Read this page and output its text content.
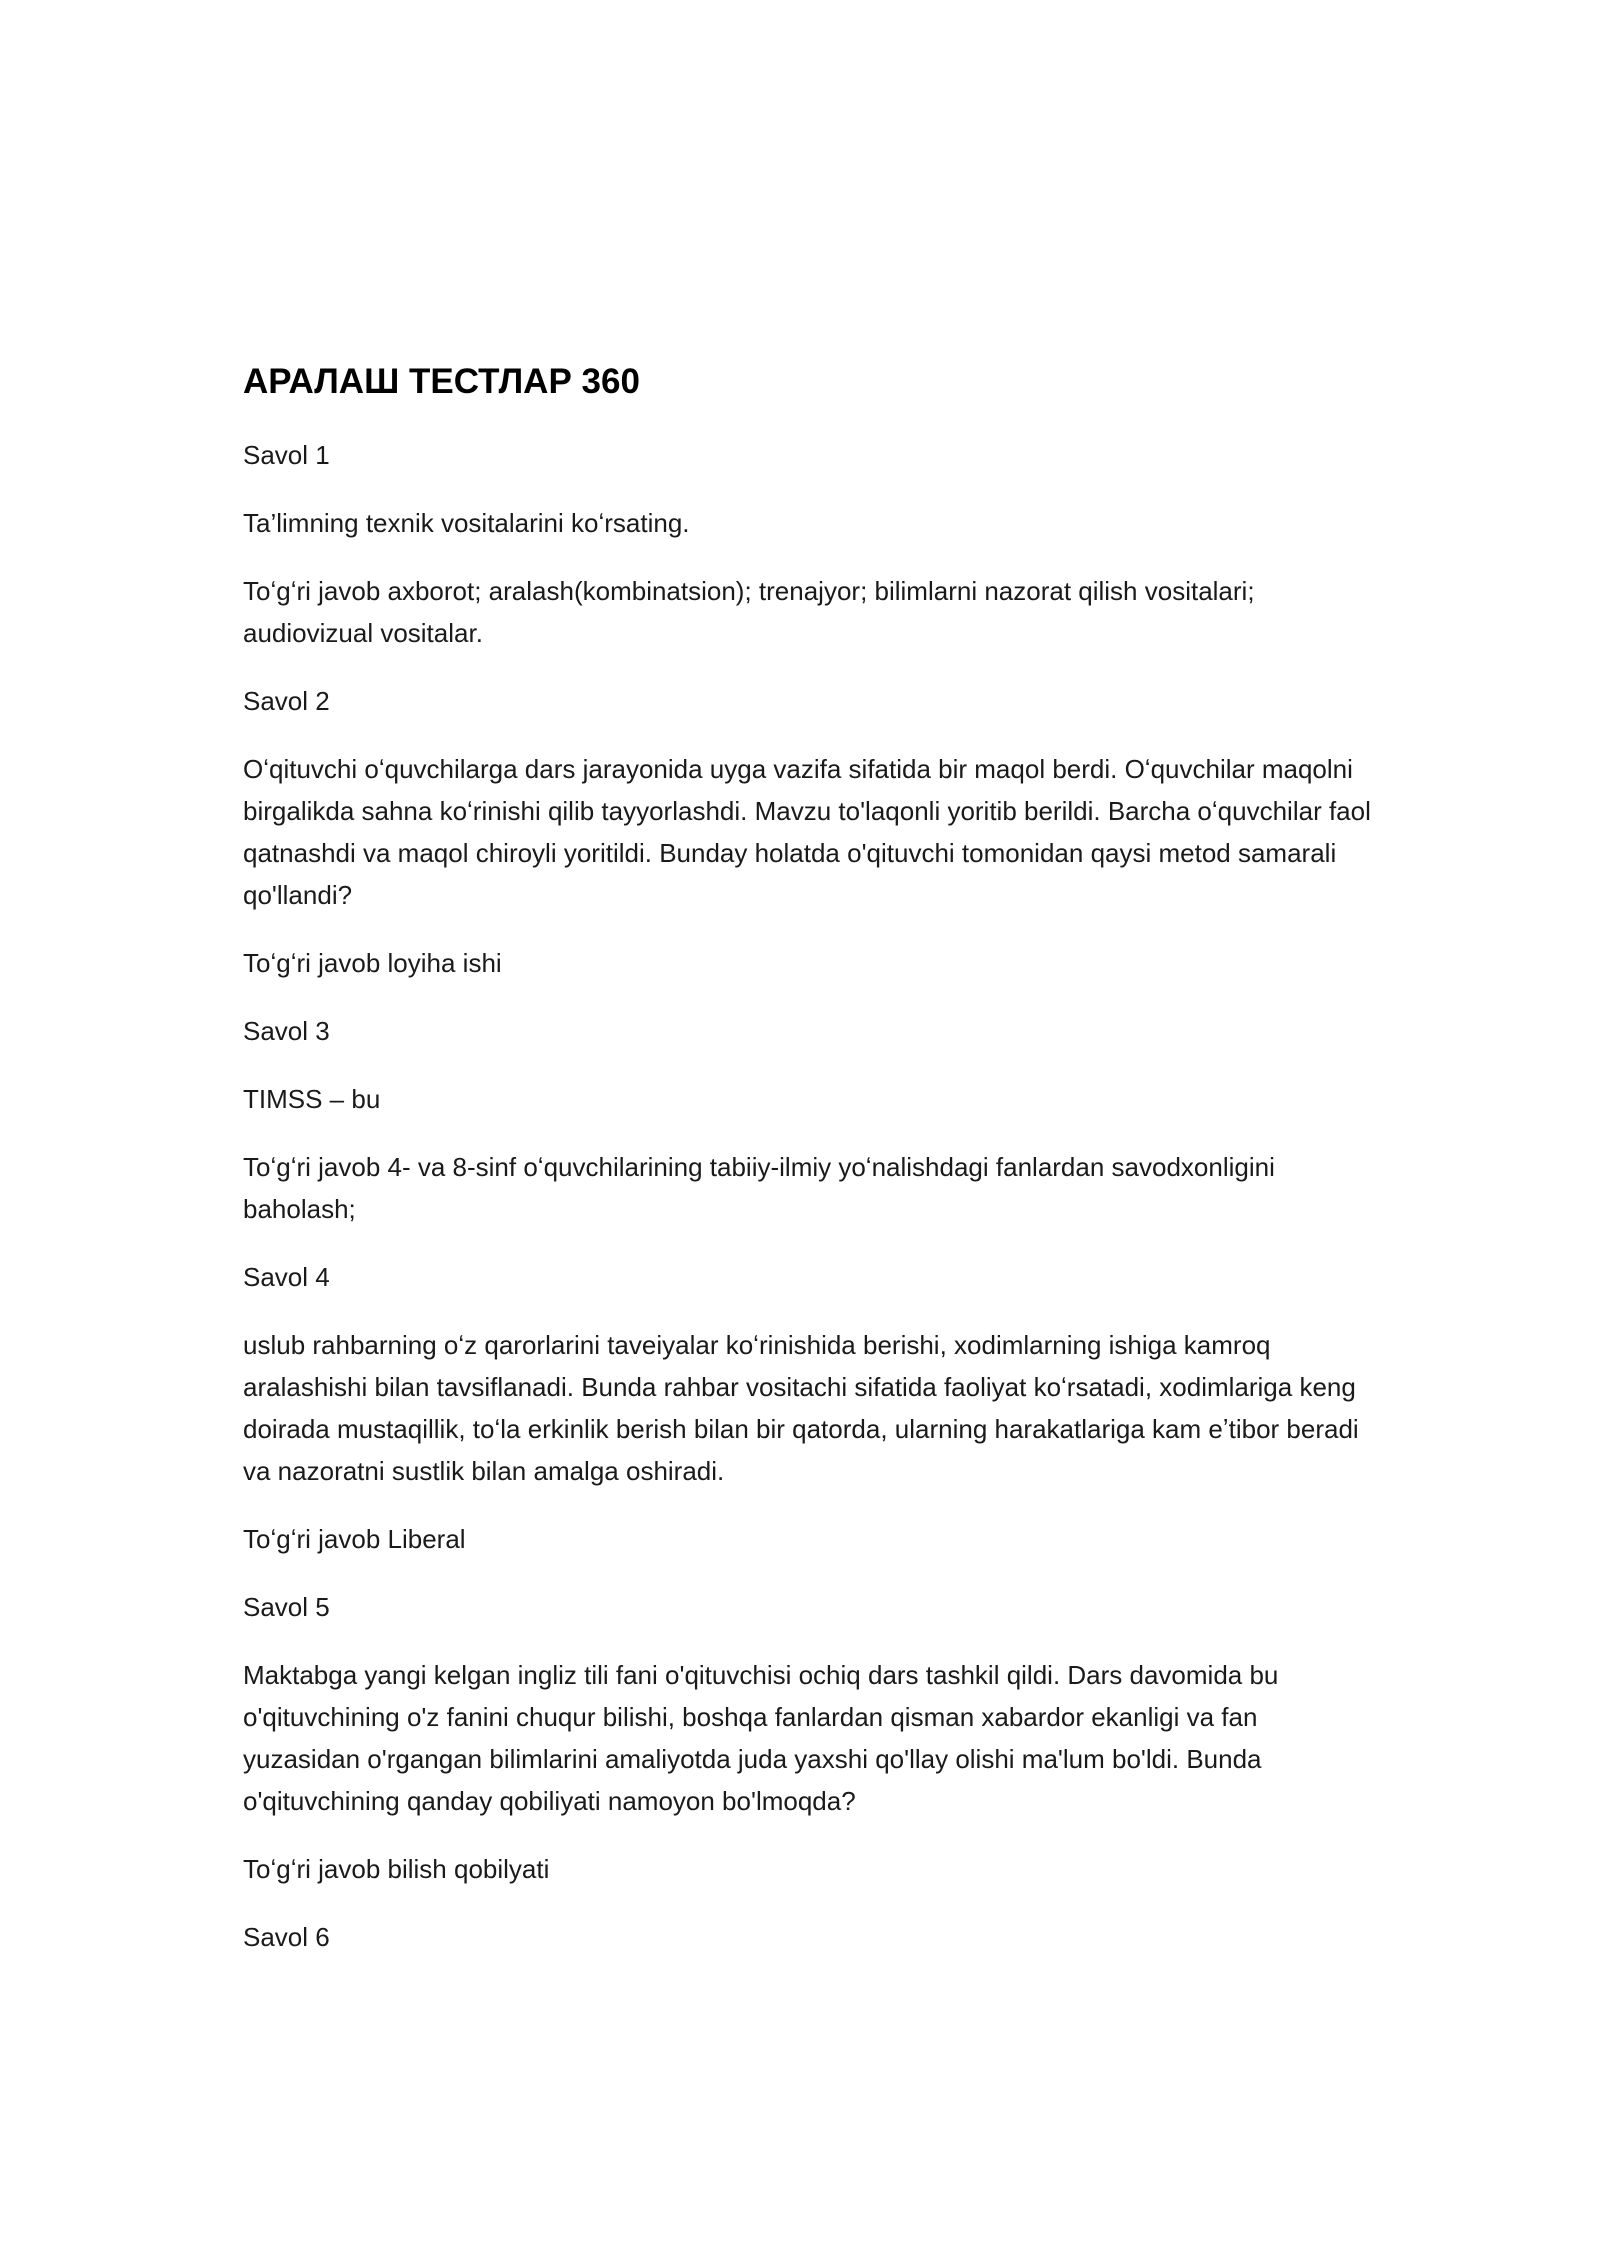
АРАЛАШ ТЕСТЛАР 360

Savol 1

Ta’limning texnik vositalarini koʻrsating.

Toʻgʻri javob axborot; aralash(kombinatsion); trenajyor; bilimlarni nazorat qilish vositalari; audiovizual vositalar.

Savol 2

Oʻqituvchi oʻquvchilarga dars jarayonida uyga vazifa sifatida bir maqol berdi. Oʻquvchilar maqolni birgalikda sahna koʻrinishi qilib tayyorlashdi. Mavzu to'laqonli yoritib berildi. Barcha oʻquvchilar faol qatnashdi va maqol chiroyli yoritildi. Bunday holatda o'qituvchi tomonidan qaysi metod samarali qo'llandi?

Toʻgʻri javob loyiha ishi

Savol 3

TIMSS – bu

Toʻgʻri javob 4- va 8-sinf oʻquvchilarining tabiiy-ilmiy yoʻnalishdagi fanlardan savodxonligini baholash;

Savol 4

uslub rahbarning oʻz qarorlarini taveiyalar koʻrinishida berishi, xodimlarning ishiga kamroq aralashishi bilan tavsiflanadi. Bunda rahbar vositachi sifatida faoliyat koʻrsatadi, xodimlariga keng doirada mustaqillik, toʻla erkinlik berish bilan bir qatorda, ularning harakatlariga kam eʼtibor beradi va nazoratni sustlik bilan amalga oshiradi.

Toʻgʻri javob Liberal

Savol 5

Maktabga yangi kelgan ingliz tili fani o'qituvchisi ochiq dars tashkil qildi. Dars davomida bu o'qituvchining o'z fanini chuqur bilishi, boshqa fanlardan qisman xabardor ekanligi va fan yuzasidan o'rgangan bilimlarini amaliyotda juda yaxshi qo'llay olishi ma'lum bo'ldi. Bunda o'qituvchining qanday qobiliyati namoyon bo'lmoqda?

Toʻgʻri javob bilish qobilyati

Savol 6
